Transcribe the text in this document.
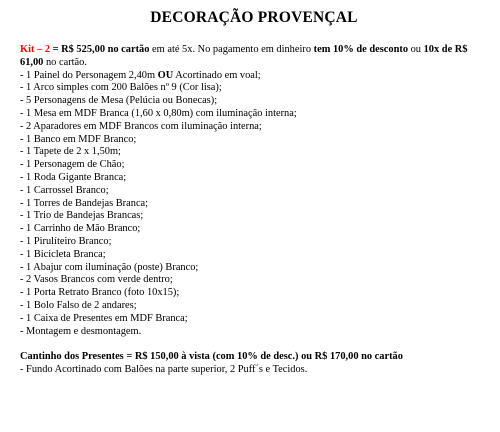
DECORAÇÃO PROVENÇAL

Kit – 2 = R$ 525,00 no cartão em até 5x. No pagamento em dinheiro tem 10% de desconto ou 10x de R$ 61,00 no cartão.

- 1 Painel do Personagem 2,40m OU Acortinado em voal;
- 1 Arco simples com 200 Balões nº 9 (Cor lisa);
- 5 Personagens de Mesa (Pelúcia ou Bonecas);
- 1 Mesa em MDF Branca (1,60 x 0,80m) com iluminação interna;
- 2 Aparadores em MDF Brancos com iluminação interna;
- 1 Banco em MDF Branco;
- 1 Tapete de 2 x 1,50m;
- 1 Personagem de Chão;
- 1 Roda Gigante Branca;
- 1 Carrossel Branco;
- 1 Torres de Bandejas Branca;
- 1 Trio de Bandejas Brancas;
- 1 Carrinho de Mão Branco;
- 1 Pirulíteiro Branco;
- 1 Bicicleta Branca;
- 1 Abajur com iluminação (poste) Branco;
- 2 Vasos Brancos com verde dentro;
- 1 Porta Retrato Branco (foto 10x15);
- 1 Bolo Falso de 2 andares;
- 1 Caixa de Presentes em MDF Branca;
- Montagem e desmontagem.

Cantinho dos Presentes = R$ 150,00 à vista (com 10% de desc.) ou R$ 170,00 no cartão

- Fundo Acortinado com Balões na parte superior, 2 Puff´s e Tecidos.
